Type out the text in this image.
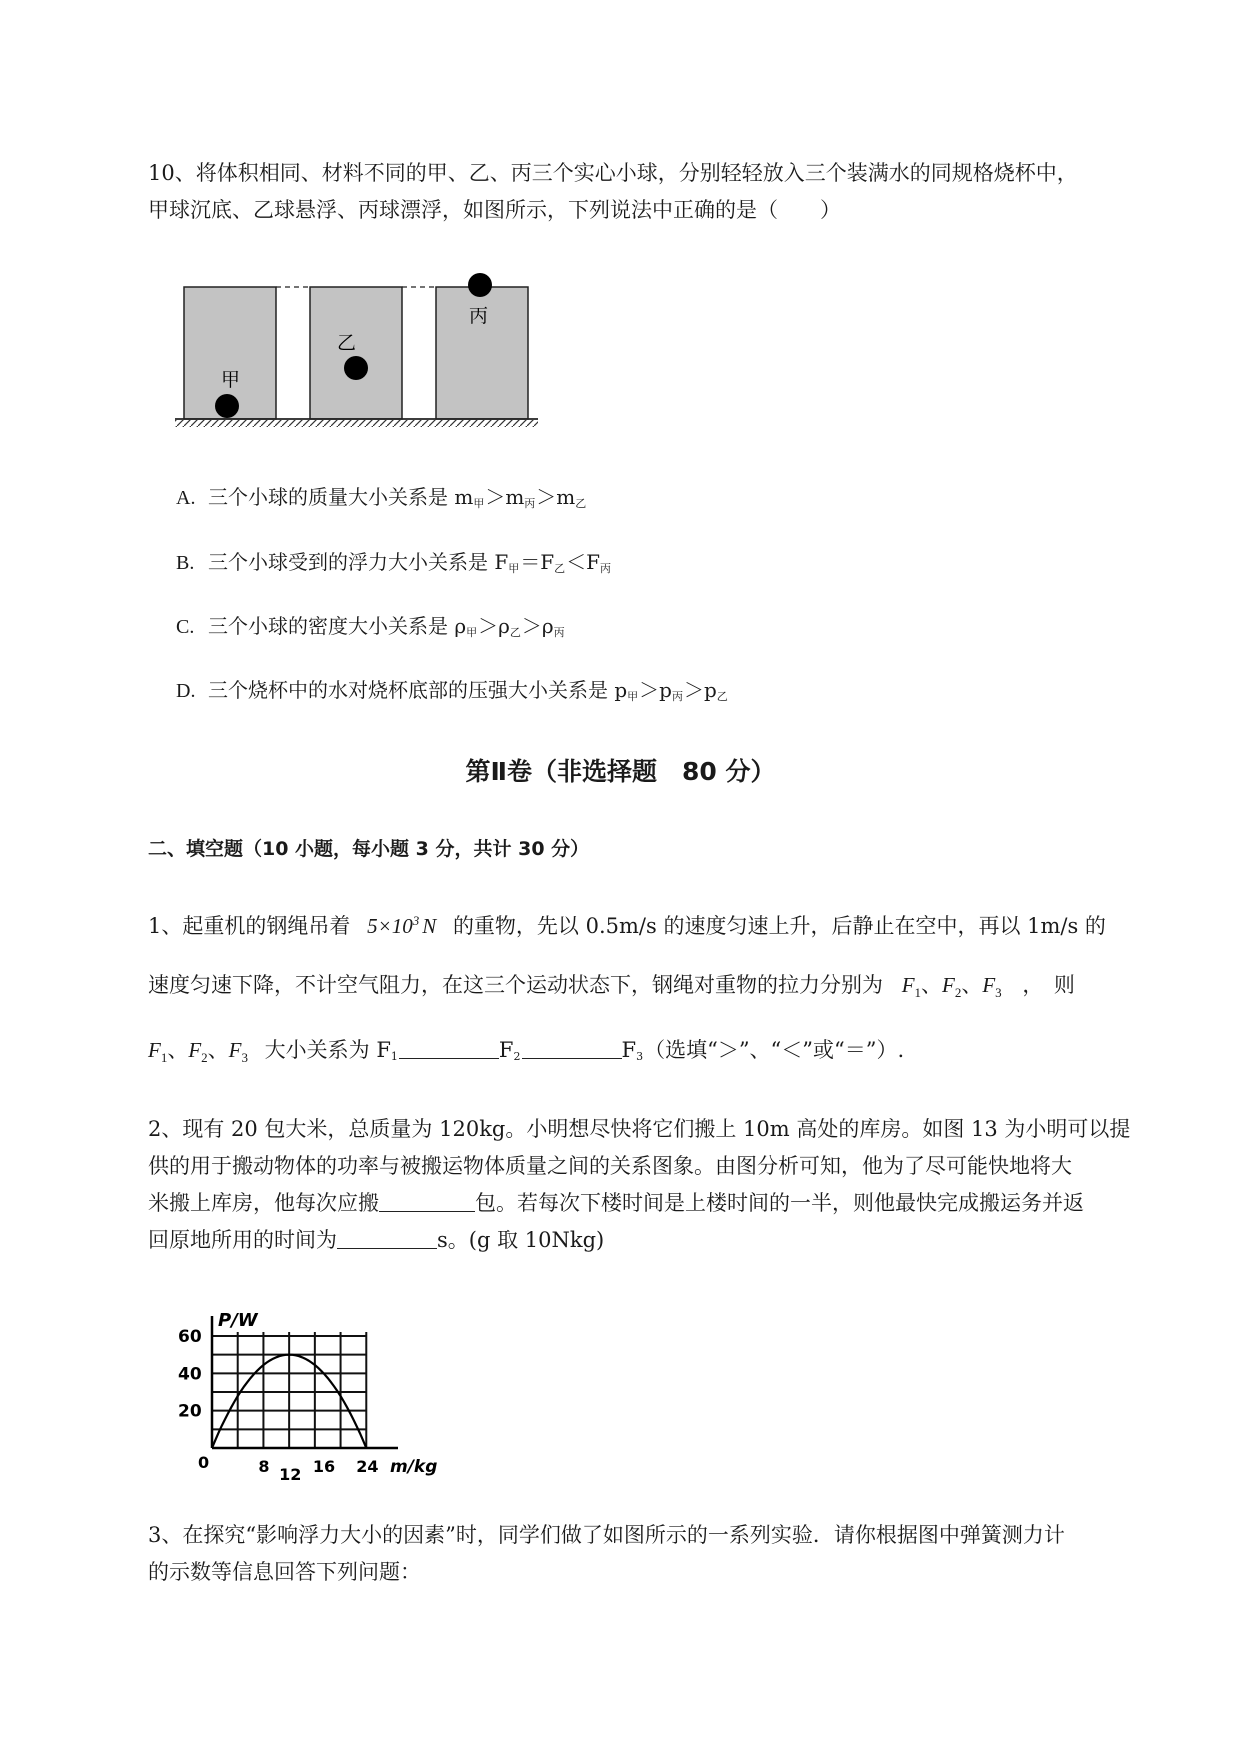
10、将体积相同、材料不同的甲、乙、丙三个实心小球，分别轻轻放入三个装满水的同规格烧杯中，
甲球沉底、乙球悬浮、丙球漂浮，如图所示，下列说法中正确的是（　　）
甲
乙
丙
A. 三个小球的质量大小关系是 $m_甲>m_丙>m_乙$
B. 三个小球受到的浮力大小关系是 $F_甲=F_乙<F_丙$
C. 三个小球的密度大小关系是 $\rho_甲>\rho_乙>\rho_丙$
D. 三个烧杯中的水对烧杯底部的压强大小关系是 $p_甲>p_丙>p_乙$
第Ⅱ卷（非选择题　80 分）
二、填空题（10 小题，每小题 3 分，共计 30 分）
1、起重机的钢绳吊着 $5\times 10^3$ N 的重物，先以 0.5m/s 的速度匀速上升，后静止在空中，再以 1m/s 的
速度匀速下降，不计空气阻力，在这三个运动状态下，钢绳对重物的拉力分别为 $F_1$、$F_2$、$F_3$ ，　则
$F_1$、$F_2$、$F_3$ 大小关系为 $F_1$	$F_2$	$F_3$（选填“＞”、“＜”或“＝”）.
2、现有 20 包大米，总质量为 120kg。小明想尽快将它们搬上 10m 高处的库房。如图 13 为小明可以提
供的用于搬动物体的功率与被搬运物体质量之间的关系图象。由图分析可知，他为了尽可能快地将大
米搬上库房，他每次应搬	包。若每次下楼时间是上楼时间的一半，则他最快完成搬运务并返
回原地所用的时间为	s。(g 取 10Nkg)
20
40
60
0	8 12 16 24
P/W
m/kg
3、在探究“影响浮力大小的因素”时，同学们做了如图所示的一系列实验．请你根据图中弹簧测力计
的示数等信息回答下列问题：
